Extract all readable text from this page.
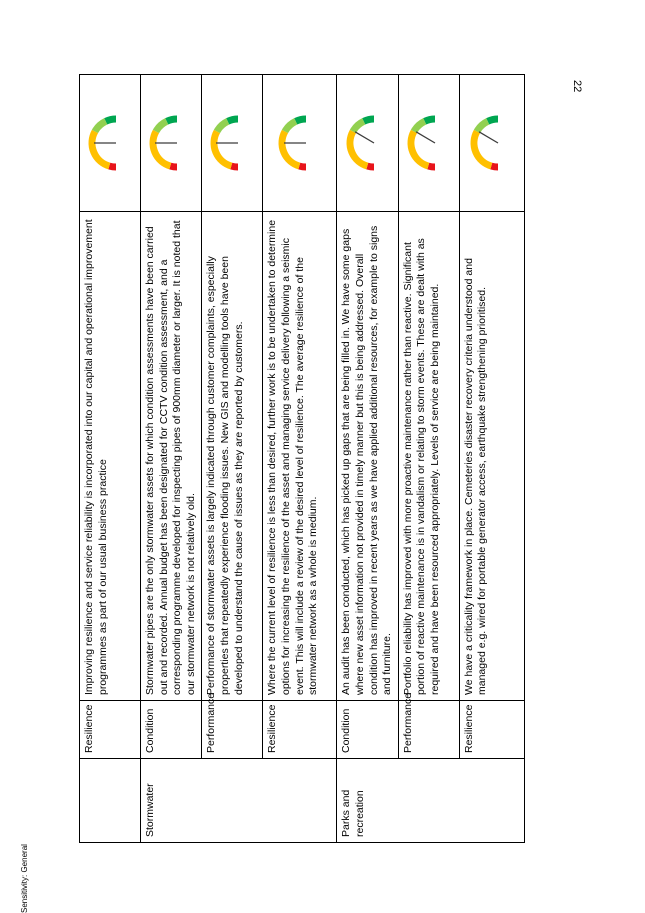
Sensitivity: General
22
	Resilience	Improving resilience and service reliability is incorporated into our capital and operational improvement programmes as part of our usual business practice	

Stormwater	Condition	Stormwater pipes are the only stormwater assets for which condition assessments have been carried out and recorded. Annual budget has been designated for CCTV condition assessment, and a corresponding programme developed for inspecting pipes of 900mm diameter or larger. It is noted that our stormwater network is not relatively old.	

	Performance	Performance of stormwater assets is largely indicated through customer complaints, especially properties that repeatedly experience flooding issues. New GIS and modelling tools have been developed to understand the cause of issues as they are reported by customers.	

	Resilience	Where the current level of resilience is less than desired, further work is to be undertaken to determine options for increasing the resilience of the asset and managing service delivery following a seismic event. This will include a review of the desired level of resilience. The average resilience of the stormwater network as a whole is medium.	

Parks and recreation	Condition	An audit has been conducted, which has picked up gaps that are being filled in. We have some gaps where new asset information not provided in timely manner but this is being addressed. Overall condition has improved in recent years as we have applied additional resources, for example to signs and furniture.	

	Performance	Portfolio reliability has improved with more proactive maintenance rather than reactive. Significant portion of reactive maintenance is in vandalism or relating to storm events. These are dealt with as required and have been resourced appropriately. Levels of service are being maintained.	

	Resilience	We have a criticality framework in place. Cemeteries disaster recovery criteria understood and managed e.g. wired for portable generator access, earthquake strengthening prioritised.	
